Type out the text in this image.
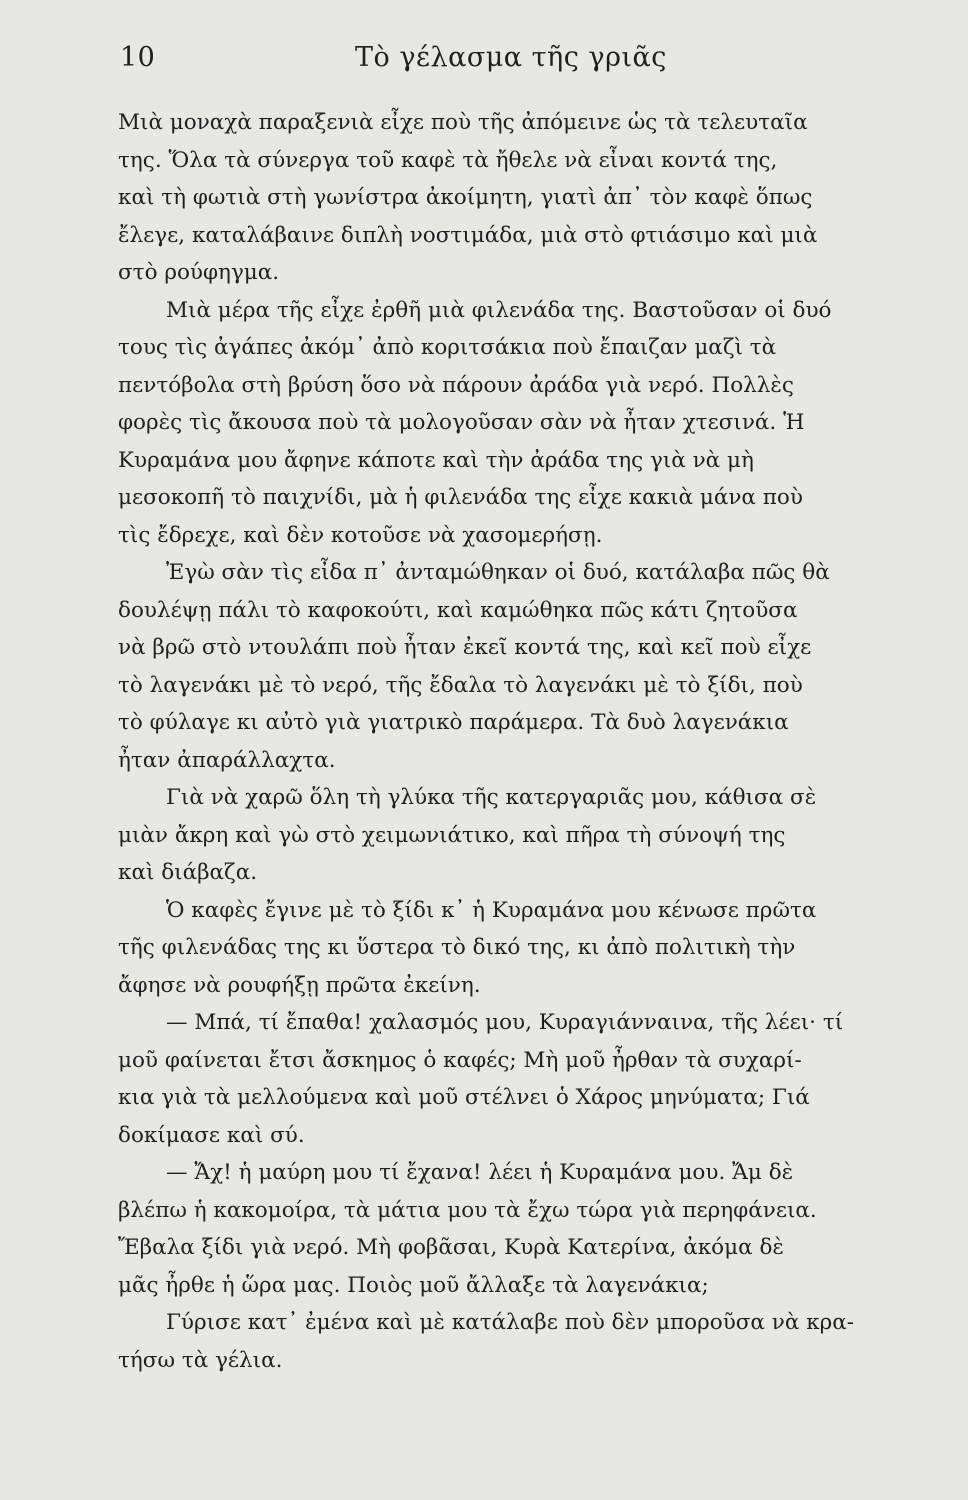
10	Τὸ γέλασμα τῆς γριᾶς

Μιὰ μοναχὰ παραξενιὰ εἶχε ποὺ τῆς ἀπόμεινε ὡς τὰ τελευταῖα
της. Ὅλα τὰ σύνεργα τοῦ καφὲ τὰ ἤθελε νὰ εἶναι κοντά της,
καὶ τὴ φωτιὰ στὴ γωνίστρα ἀκοίμητη, γιατὶ ἀπ᾽ τὸν καφὲ ὅπως
ἔλεγε, καταλάβαινε διπλὴ νοστιμάδα, μιὰ στὸ φτιάσιμο καὶ μιὰ
στὸ ρούφηγμα.

Μιὰ μέρα τῆς εἶχε ἐρθῆ μιὰ φιλενάδα της. Βαστοῦσαν οἱ δυό
τους τὶς ἀγάπες ἀκόμ᾽ ἀπὸ κοριτσάκια ποὺ ἔπαιζαν μαζὶ τὰ
πεντόβολα στὴ βρύση ὅσο νὰ πάρουν ἀράδα γιὰ νερό. Πολλὲς
φορὲς τὶς ἄκουσα ποὺ τὰ μολογοῦσαν σὰν νὰ ἦταν χτεσινά. Ἡ
Κυραμάνα μου ἄφηνε κάποτε καὶ τὴν ἀράδα της γιὰ νὰ μὴ
μεσοκοπῆ τὸ παιχνίδι, μὰ ἡ φιλενάδα της εἶχε κακιὰ μάνα ποὺ
τὶς ἔδρεχε, καὶ δὲν κοτοῦσε νὰ χασομερήσῃ.

Ἐγὼ σὰν τὶς εἶδα π᾽ ἀνταμώθηκαν οἱ δυό, κατάλαβα πῶς θὰ
δουλέψῃ πάλι τὸ καφοκούτι, καὶ καμώθηκα πῶς κάτι ζητοῦσα
νὰ βρῶ στὸ ντουλάπι ποὺ ἦταν ἐκεῖ κοντά της, καὶ κεῖ ποὺ εἶχε
τὸ λαγενάκι μὲ τὸ νερό, τῆς ἔδαλα τὸ λαγενάκι μὲ τὸ ξίδι, ποὺ
τὸ φύλαγε κι αὐτὸ γιὰ γιατρικὸ παράμερα. Τὰ δυὸ λαγενάκια
ἦταν ἀπαράλλαχτα.

Γιὰ νὰ χαρῶ ὅλη τὴ γλύκα τῆς κατεργαριᾶς μου, κάθισα σὲ
μιὰν ἄκρη καὶ γὼ στὸ χειμωνιάτικο, καὶ πῆρα τὴ σύνοψή της
καὶ διάβαζα.

Ὁ καφὲς ἔγινε μὲ τὸ ξίδι κ᾽ ἡ Κυραμάνα μου κένωσε πρῶτα
τῆς φιλενάδας της κι ὕστερα τὸ δικό της, κι ἀπὸ πολιτικὴ τὴν
ἄφησε νὰ ρουφήξῃ πρῶτα ἐκείνη.

— Μπά, τί ἔπαθα! χαλασμός μου, Κυραγιάνναινα, τῆς λέει· τί
μοῦ φαίνεται ἔτσι ἄσκημος ὁ καφές; Μὴ μοῦ ἦρθαν τὰ συχαρί-
κια γιὰ τὰ μελλούμενα καὶ μοῦ στέλνει ὁ Χάρος μηνύματα; Γιά
δοκίμασε καὶ σύ.

— Ἄχ! ἡ μαύρη μου τί ἔχανα! λέει ἡ Κυραμάνα μου. Ἄμ δὲ
βλέπω ἡ κακομοίρα, τὰ μάτια μου τὰ ἔχω τώρα γιὰ περηφάνεια.
Ἔβαλα ξίδι γιὰ νερό. Μὴ φοβᾶσαι, Κυρὰ Κατερίνα, ἀκόμα δὲ
μᾶς ἦρθε ἡ ὥρα μας. Ποιὸς μοῦ ἄλλαξε τὰ λαγενάκια;

Γύρισε κατ᾽ ἐμένα καὶ μὲ κατάλαβε ποὺ δὲν μποροῦσα νὰ κρα-
τήσω τὰ γέλια.
